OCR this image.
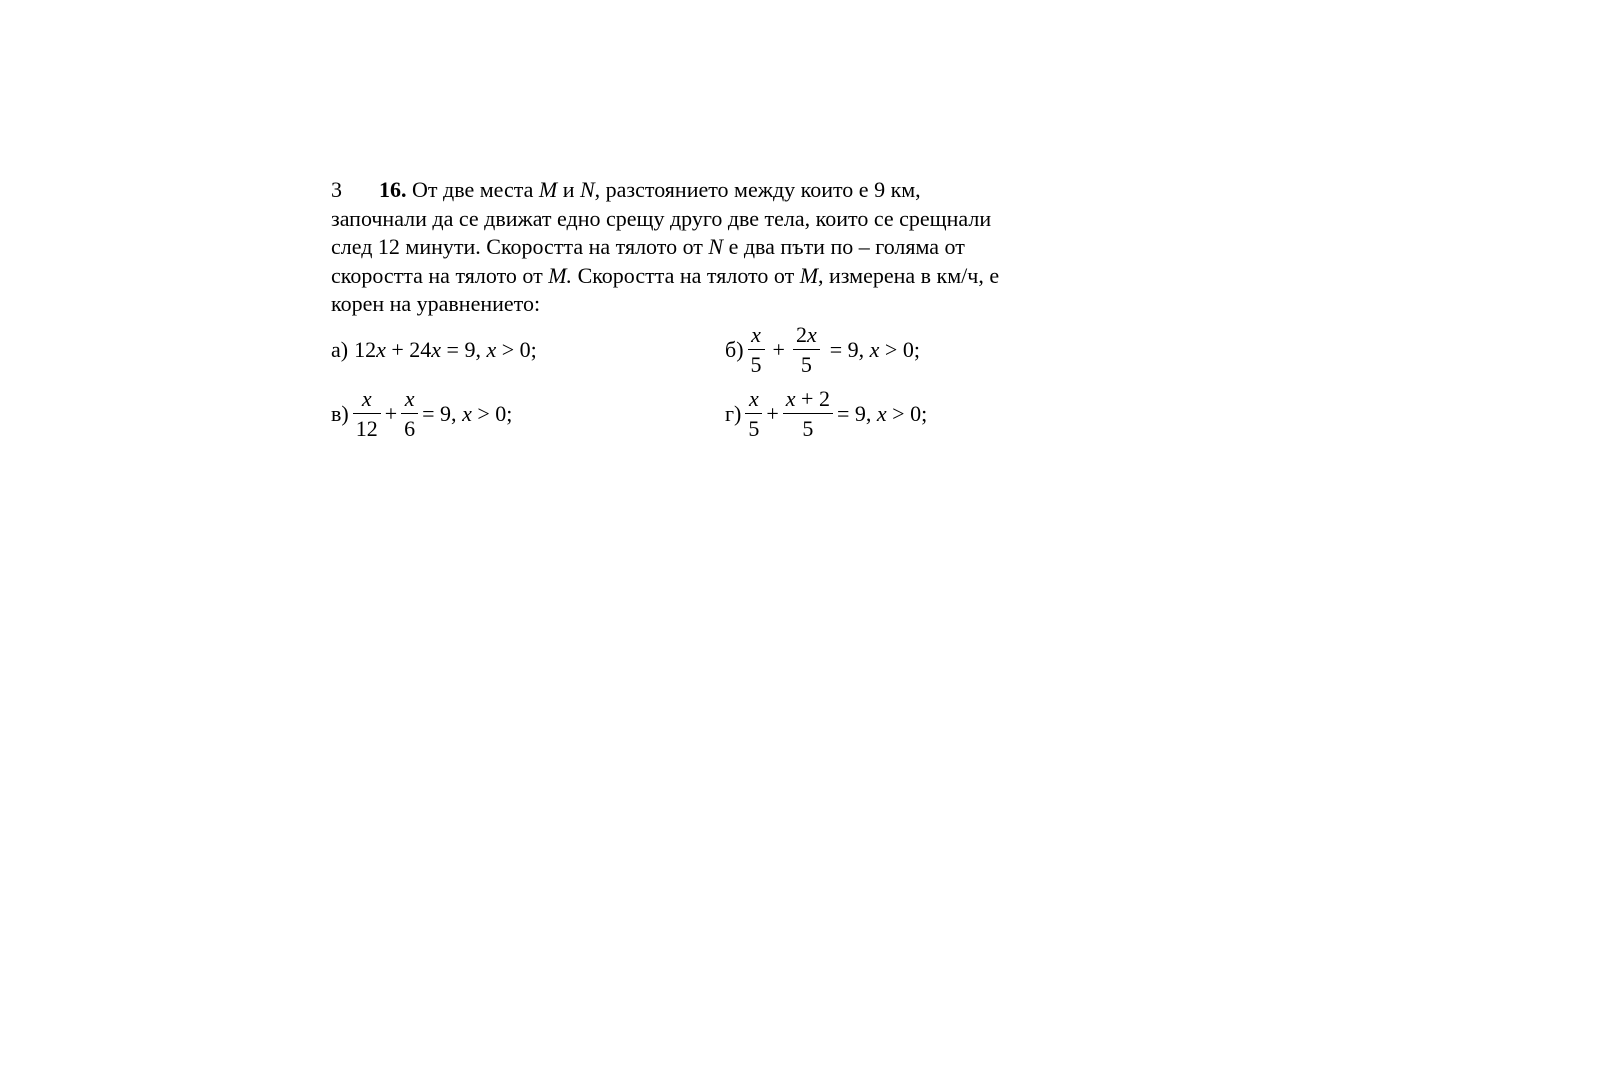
3 16. От две места M и N, разстоянието между които е 9 км,
започнали да се движат едно срещу друго две тела, които се срещнали
след 12 минути. Скоростта на тялото от N е два пъти по – голяма от
скоростта на тялото от M. Скоростта на тялото от M, измерена в км/ч, е
корен на уравнението:
а) 12 x + 24 x = 9, x > 0;	$б) \frac{x}{5} + \frac{2x}{5} = 9$, x > 0;
$в) \frac{x}{12} + \frac{x}{6} = 9$, x > 0;	$г) \frac{x}{5} + \frac{x + 2}{5} = 9$, x > 0;
